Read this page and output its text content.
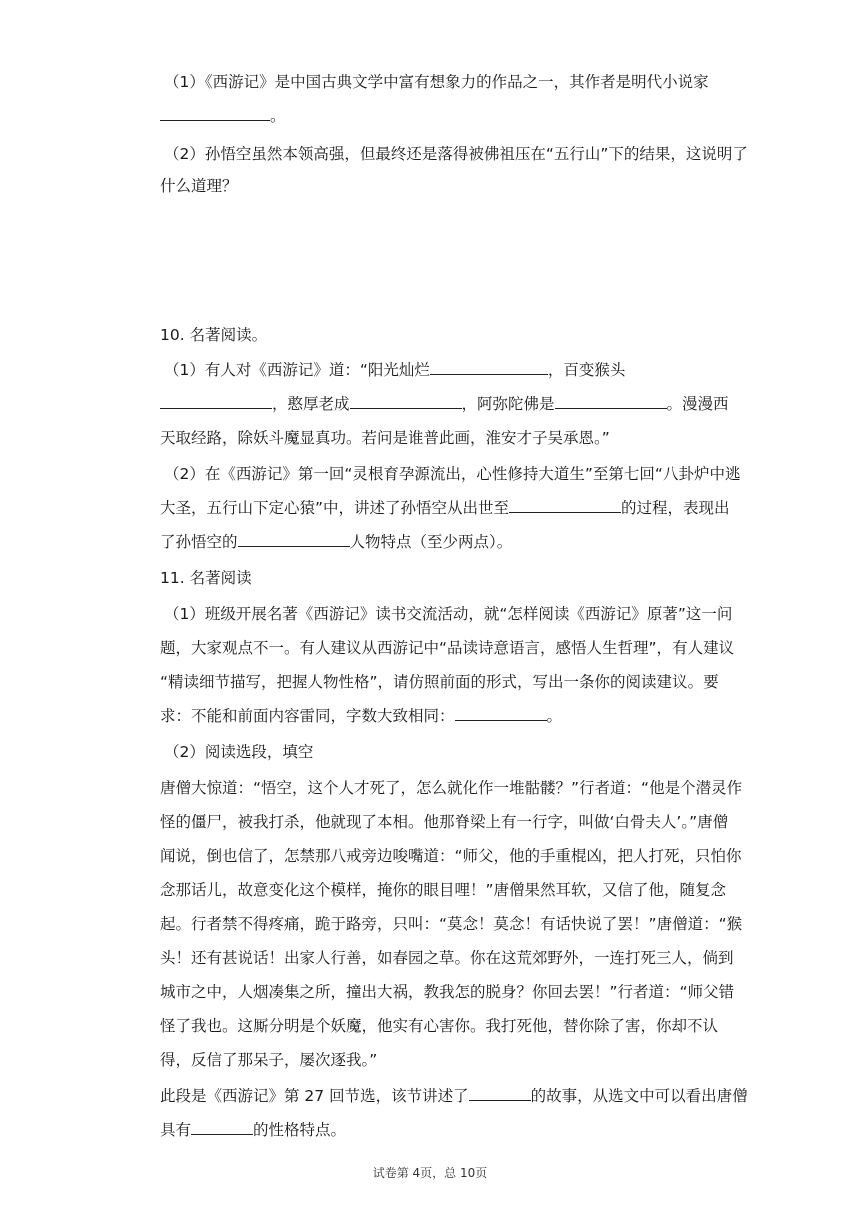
（1）《西游记》是中国古典文学中富有想象力的作品之一，其作者是明代小说家
。
（2）孙悟空虽然本领高强，但最终还是落得被佛祖压在“五行山”下的结果，这说明了
什么道理？
10. 名著阅读。
（1）有人对《西游记》道：“阳光灿烂	，百变猴头
，憨厚老成	，阿弥陀佛是	。漫漫西
天取经路，除妖斗魔显真功。若问是谁普此画，淮安才子吴承恩。”
（2）在《西游记》第一回“灵根育孕源流出，心性修持大道生”至第七回“八卦炉中逃
大圣，五行山下定心猿”中，讲述了孙悟空从出世至	的过程，表现出
了孙悟空的	人物特点（至少两点）。
11. 名著阅读
（1）班级开展名著《西游记》读书交流活动，就“怎样阅读《西游记》原著”这一问
题，大家观点不一。有人建议从西游记中“品读诗意语言，感悟人生哲理”，有人建议
“精读细节描写，把握人物性格”，请仿照前面的形式，写出一条你的阅读建议。要
求：不能和前面内容雷同，字数大致相同：	。
（2）阅读选段，填空
唐僧大惊道：“悟空，这个人才死了，怎么就化作一堆骷髅？”行者道：“他是个潜灵作
怪的僵尸，被我打杀，他就现了本相。他那脊梁上有一行字，叫做‘白骨夫人’。”唐僧
闻说，倒也信了，怎禁那八戒旁边唆嘴道：“师父，他的手重棍凶，把人打死，只怕你
念那话儿，故意变化这个模样，掩你的眼目哩！”唐僧果然耳软，又信了他，随复念
起。行者禁不得疼痛，跪于路旁，只叫：“莫念！莫念！有话快说了罢！”唐僧道：“猴
头！还有甚说话！出家人行善，如春园之草。你在这荒郊野外，一连打死三人，倘到
城市之中，人烟凑集之所，撞出大祸，教我怎的脱身？你回去罢！”行者道：“师父错
怪了我也。这厮分明是个妖魔，他实有心害你。我打死他，替你除了害，你却不认
得，反信了那呆子，屡次逐我。”
此段是《西游记》第 27 回节选，该节讲述了	的故事，从选文中可以看出唐僧
具有	的性格特点。
试卷第 4页，总 10页
